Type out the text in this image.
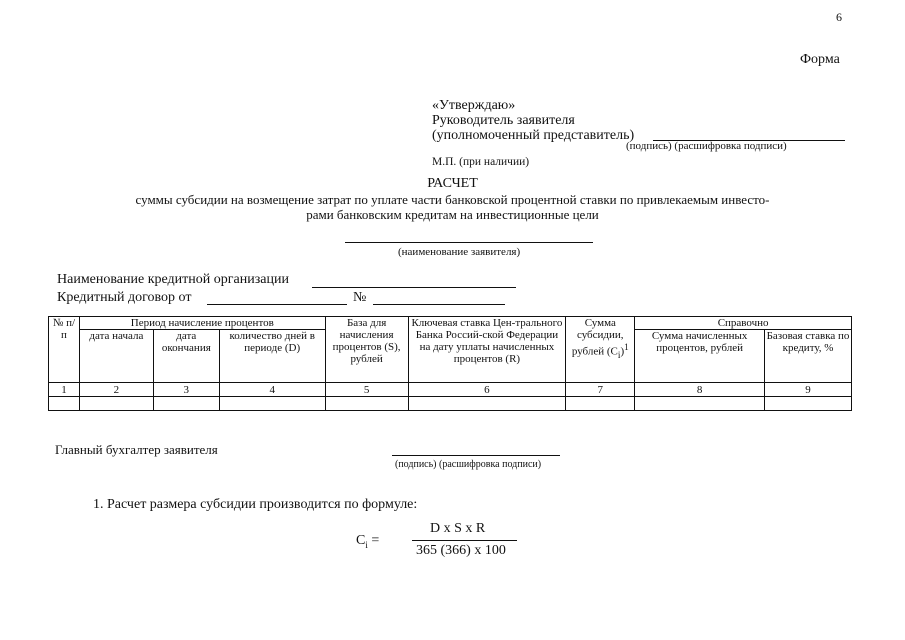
6
Форма
«Утверждаю»
Руководитель заявителя
(уполномоченный представитель)
(подпись) (расшифровка подписи)
М.П. (при наличии)
РАСЧЕТ
суммы субсидии на возмещение затрат по уплате части банковской процентной ставки по привлекаемым инвесто-
рами банковским кредитам на инвестиционные цели
(наименование заявителя)
Наименование кредитной организации
Кредитный договор от	№
№ п/п	Период начисление процентов			База для начисления процентов (S), рублей	Ключевая ставка Цен-трального Банка Россий-ской Федерации на дату уплаты начисленных процентов (R)	Сумма субсидии, рублей $(C_i)^1$	Справочно	
	дата начала	дата окончания	количество дней в периоде (D)				Сумма начисленных процентов, рублей	Базовая ставка по кредиту, %
1	2	3	4	5	6	7	8	9

Главный бухгалтер заявителя
(подпись) (расшифровка подписи)
1. Расчет размера субсидии производится по формуле:
$C_i$ =
D x S x R
365 (366) x 100
